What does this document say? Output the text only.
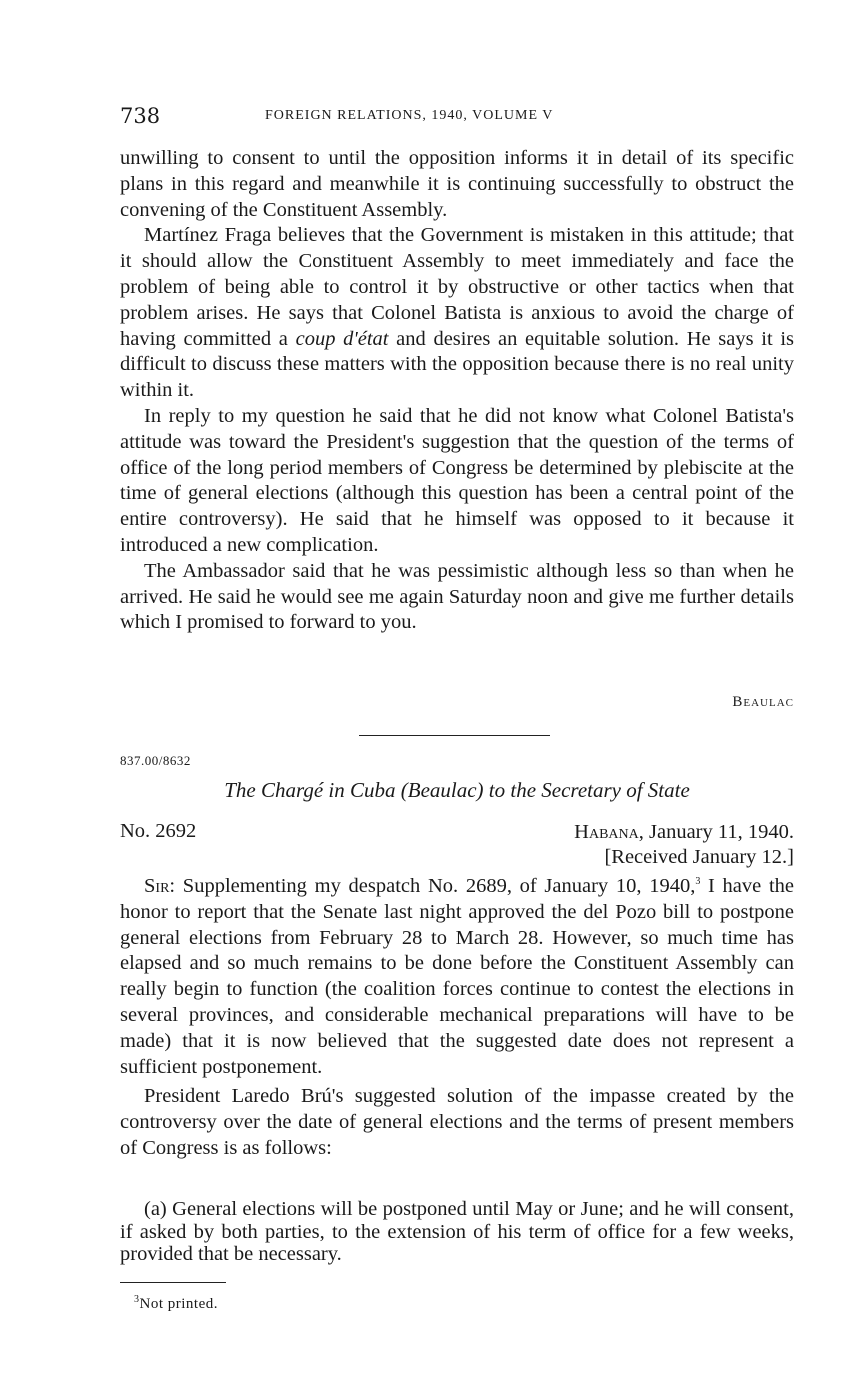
738	FOREIGN RELATIONS, 1940, VOLUME V

unwilling to consent to until the opposition informs it in detail of its specific plans in this regard and meanwhile it is continuing successfully to obstruct the convening of the Constituent Assembly.

Martínez Fraga believes that the Government is mistaken in this attitude; that it should allow the Constituent Assembly to meet immediately and face the problem of being able to control it by obstructive or other tactics when that problem arises. He says that Colonel Batista is anxious to avoid the charge of having committed a coup d'état and desires an equitable solution. He says it is difficult to discuss these matters with the opposition because there is no real unity within it.

In reply to my question he said that he did not know what Colonel Batista's attitude was toward the President's suggestion that the question of the terms of office of the long period members of Congress be determined by plebiscite at the time of general elections (although this question has been a central point of the entire controversy). He said that he himself was opposed to it because it introduced a new complication.

The Ambassador said that he was pessimistic although less so than when he arrived. He said he would see me again Saturday noon and give me further details which I promised to forward to you.

Beaulac
837.00/8632
The Chargé in Cuba (Beaulac) to the Secretary of State
No. 2692	Habana, January 11, 1940.
[Received January 12.]

Sir: Supplementing my despatch No. 2689, of January 10, 1940,$^3$ I have the honor to report that the Senate last night approved the del Pozo bill to postpone general elections from February 28 to March 28. However, so much time has elapsed and so much remains to be done before the Constituent Assembly can really begin to function (the coalition forces continue to contest the elections in several provinces, and considerable mechanical preparations will have to be made) that it is now believed that the suggested date does not represent a sufficient postponement.

President Laredo Brú's suggested solution of the impasse created by the controversy over the date of general elections and the terms of present members of Congress is as follows:

(a) General elections will be postponed until May or June; and he will consent, if asked by both parties, to the extension of his term of office for a few weeks, provided that be necessary.

$^3$Not printed.
